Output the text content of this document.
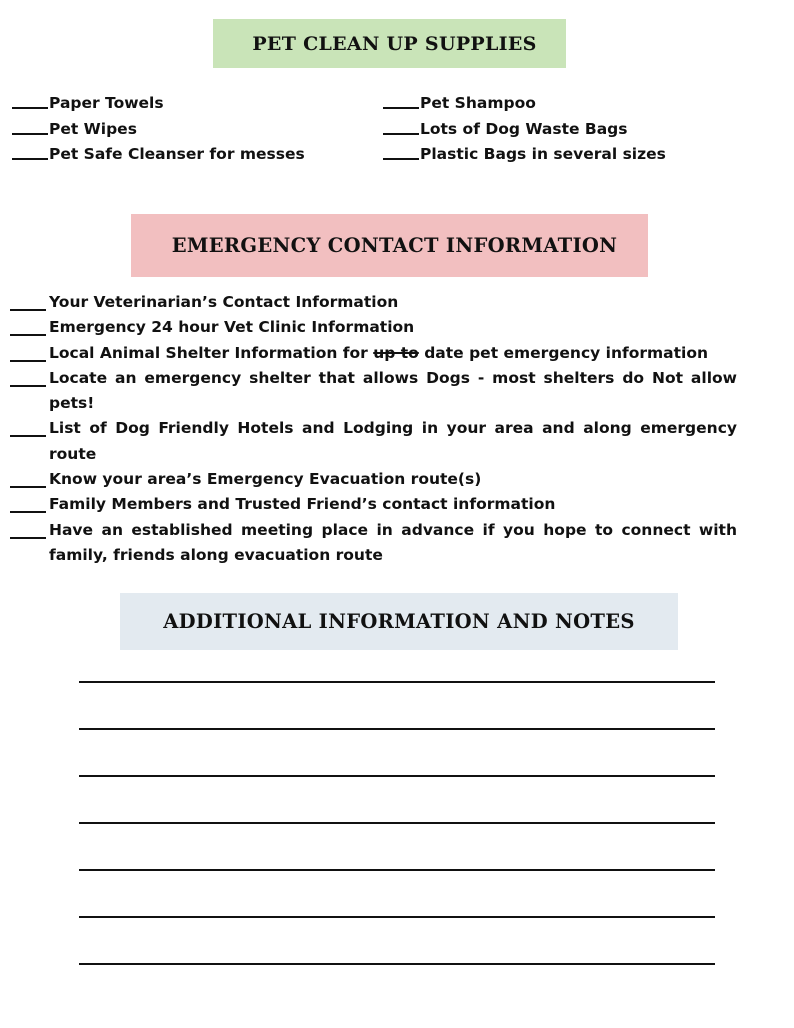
PET CLEAN UP SUPPLIES
Paper Towels
Pet Wipes
Pet Safe Cleanser for messes
Pet Shampoo
Lots of Dog Waste Bags
Plastic Bags in several sizes
EMERGENCY CONTACT INFORMATION
Your Veterinarian’s Contact Information
Emergency 24 hour Vet Clinic Information
Local Animal Shelter Information for up to date pet emergency information
Locate an emergency shelter that allows Dogs - most shelters do Not allow pets!
List of Dog Friendly Hotels and Lodging in your area and along emergency route
Know your area’s Emergency Evacuation route(s)
Family Members and Trusted Friend’s contact information
Have an established meeting place in advance if you hope to connect with family, friends along evacuation route
ADDITIONAL INFORMATION AND NOTES
